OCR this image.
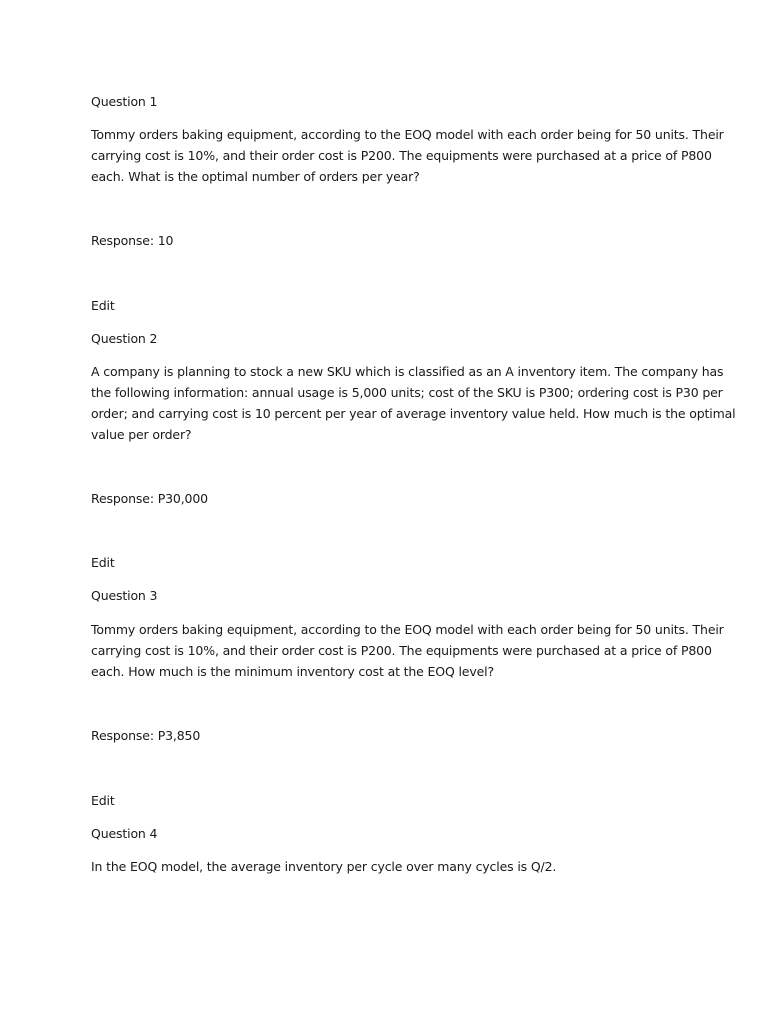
Question 1
Tommy orders baking equipment, according to the EOQ model with each order being for 50 units. Their
carrying cost is 10%, and their order cost is P200. The equipments were purchased at a price of P800
each. What is the optimal number of orders per year?
Response: 10
Edit
Question 2
A company is planning to stock a new SKU which is classified as an A inventory item. The company has
the following information: annual usage is 5,000 units; cost of the SKU is P300; ordering cost is P30 per
order; and carrying cost is 10 percent per year of average inventory value held. How much is the optimal
value per order?
Response: P30,000
Edit
Question 3
Tommy orders baking equipment, according to the EOQ model with each order being for 50 units. Their
carrying cost is 10%, and their order cost is P200. The equipments were purchased at a price of P800
each. How much is the minimum inventory cost at the EOQ level?
Response: P3,850
Edit
Question 4
In the EOQ model, the average inventory per cycle over many cycles is Q/2.
